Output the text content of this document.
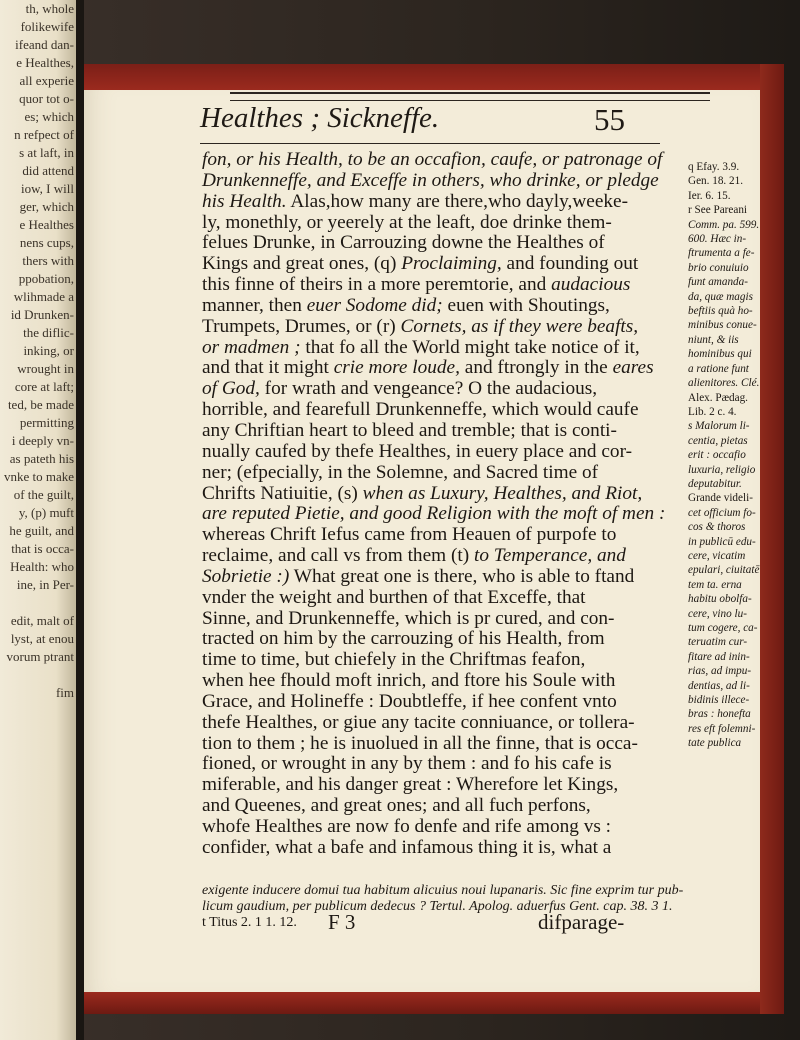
th, whole
folikewife
ifeand dan-
e Healthes,
all experie
quor tot o-
es; which
n refpect of
s at laft, in
did attend
iow, I will
ger, which
e Healthes
nens cups,
thers with
ppobation,
wlihmade a
id Drunken-
the diflic-
inking, or
wrought in
core at laft;
ted, be made
permitting
i deeply vn-
as pateth his
vnke to make
of the guilt,
y, (p) muft
he guilt, and
that is occa-
Health: who
ine, in Per-

edit, malt of
lyst, at enou
vorum ptrant

fim
Healthes ; Sickneffe.	55
fon, or his Health, to be an occafion, caufe, or patronage of
Drunkenneffe, and Exceffe in others, who drinke, or pledge
his Health. Alas,how many are there,who dayly,weeke-
ly, monethly, or yeerely at the leaft, doe drinke them-
felues Drunke, in Carrouzing downe the Healthes of
Kings and great ones, (q) Proclaiming, and founding out
this finne of theirs in a more peremtorie, and audacious
manner, then euer Sodome did; euen with Shoutings,
Trumpets, Drumes, or (r) Cornets, as if they were beafts,
or madmen ; that fo all the World might take notice of it,
and that it might crie more loude, and ftrongly in the eares
of God, for wrath and vengeance? O the audacious,
horrible, and fearefull Drunkenneffe, which would caufe
any Chriftian heart to bleed and tremble; that is conti-
nually caufed by thefe Healthes, in euery place and cor-
ner; (efpecially, in the Solemne, and Sacred time of
Chrifts Natiuitie, (s) when as Luxury, Healthes, and Riot,
are reputed Pietie, and good Religion with the moft of men :
whereas Chrift Iefus came from Heauen of purpofe to
reclaime, and call vs from them (t) to Temperance, and
Sobrietie :) What great one is there, who is able to ftand
vnder the weight and burthen of that Exceffe, that
Sinne, and Drunkenneffe, which is pr cured, and con-
tracted on him by the carrouzing of his Health, from
time to time, but chiefely in the Chriftmas feafon,
when hee fhould moft inrich, and ftore his Soule with
Grace, and Holineffe : Doubtleffe, if hee confent vnto
thefe Healthes, or giue any tacite conniuance, or tollera-
tion to them ; he is inuolued in all the finne, that is occa-
fioned, or wrought in any by them : and fo his cafe is
miferable, and his danger great : Wherefore let Kings,
and Queenes, and great ones; and all fuch perfons,
whofe Healthes are now fo denfe and rife among vs :
confider, what a bafe and infamous thing it is, what a
q Efay. 3.9.
Gen. 18. 21.
Ier. 6. 15.
r See Pareani
Comm. pa. 599.
600. Hæc in-
ftrumenta a fe-
brio conuiuio
funt amanda-
da, quæ magis
beftiis quà ho-
minibus conue-
niunt, & iis
hominibus qui
a ratione funt
alienitores. Clé.
Alex. Pædag.
Lib. 2 c. 4.
s Malorum li-
centia, pietas
erit : occafio
luxuria, religio
deputabitur.
Grande videli-
cet officium fo-
cos & thoros
in publicū edu-
cere, vicatim
epulari, ciuitatē
tem ta. erna
habitu obolfa-
cere, vino lu-
tum cogere, ca-
teruatim cur-
fitare ad inin-
rias, ad impu-
dentias, ad li-
bidinis illece-
bras : honefta
res eft folemni-
tate publica
exigente inducere domui tua habitum alicuius noui lupanaris. Sic fine exprim tur pub-
licum gaudium, per publicum dedecus ? Tertul. Apolog. aduerfus Gent. cap. 38. 3 1.
t Titus 2. 1 1. 12.	F 3	difparage-
